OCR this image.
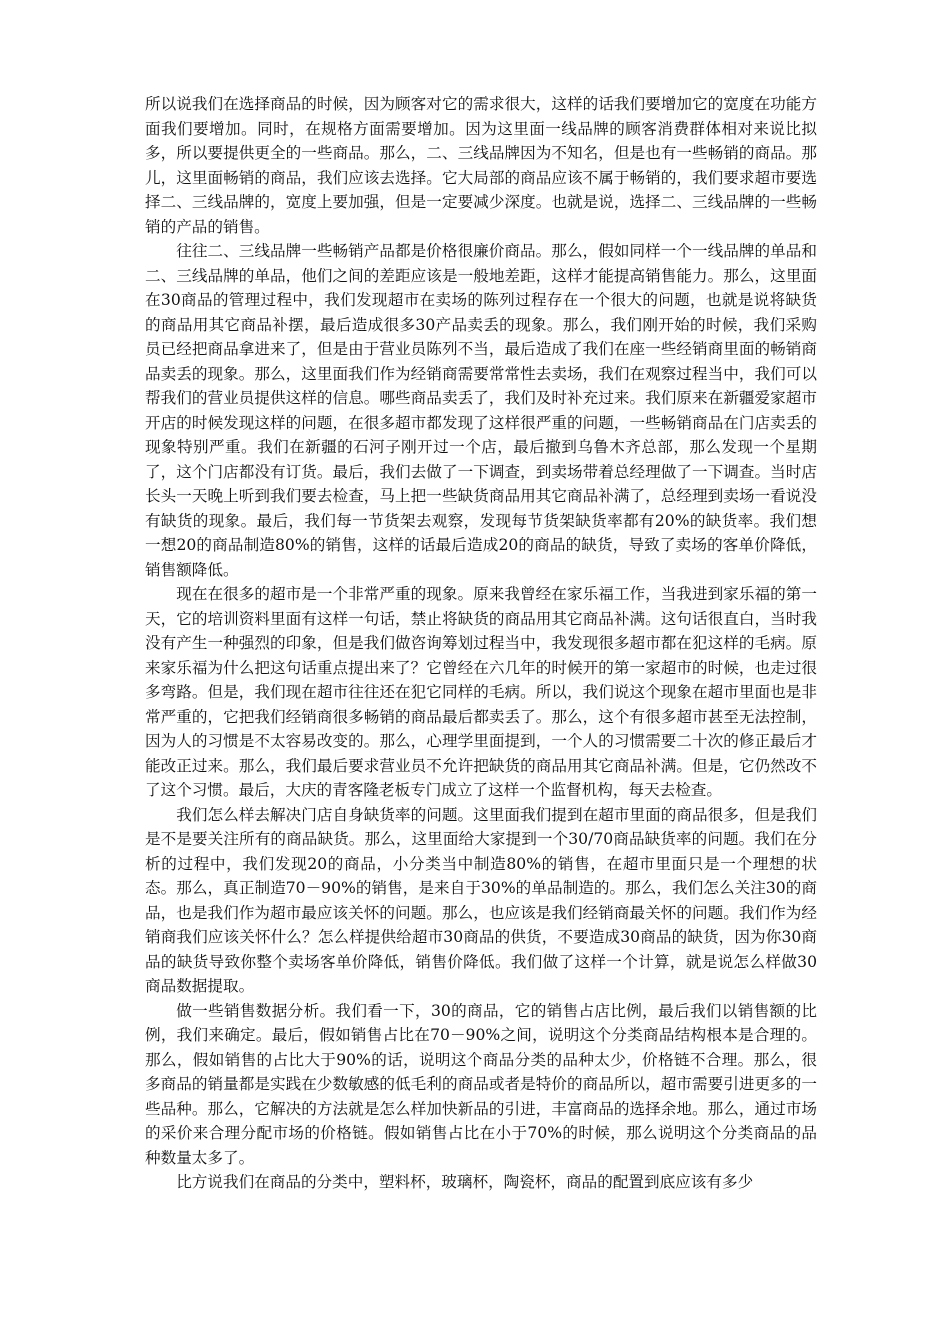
所以说我们在选择商品的时候，因为顾客对它的需求很大，这样的话我们要增加它的宽度在功能方面我们要增加。同时，在规格方面需要增加。因为这里面一线品牌的顾客消费群体相对来说比拟多，所以要提供更全的一些商品。那么，二、三线品牌因为不知名，但是也有一些畅销的商品。那儿，这里面畅销的商品，我们应该去选择。它大局部的商品应该不属于畅销的，我们要求超市要选择二、三线品牌的，宽度上要加强，但是一定要减少深度。也就是说，选择二、三线品牌的一些畅销的产品的销售。

往往二、三线品牌一些畅销产品都是价格很廉价商品。那么，假如同样一个一线品牌的单品和二、三线品牌的单品，他们之间的差距应该是一般地差距，这样才能提高销售能力。那么，这里面在30商品的管理过程中，我们发现超市在卖场的陈列过程存在一个很大的问题，也就是说将缺货的商品用其它商品补摆，最后造成很多30产品卖丢的现象。那么，我们刚开始的时候，我们采购员已经把商品拿进来了，但是由于营业员陈列不当，最后造成了我们在座一些经销商里面的畅销商品卖丢的现象。那么，这里面我们作为经销商需要常常性去卖场，我们在观察过程当中，我们可以帮我们的营业员提供这样的信息。哪些商品卖丢了，我们及时补充过来。我们原来在新疆爱家超市开店的时候发现这样的问题，在很多超市都发现了这样很严重的问题，一些畅销商品在门店卖丢的现象特别严重。我们在新疆的石河子刚开过一个店，最后撤到乌鲁木齐总部，那么发现一个星期了，这个门店都没有订货。最后，我们去做了一下调查，到卖场带着总经理做了一下调查。当时店长头一天晚上听到我们要去检查，马上把一些缺货商品用其它商品补满了，总经理到卖场一看说没有缺货的现象。最后，我们每一节货架去观察，发现每节货架缺货率都有20%的缺货率。我们想一想20的商品制造80%的销售，这样的话最后造成20的商品的缺货，导致了卖场的客单价降低，销售额降低。

现在在很多的超市是一个非常严重的现象。原来我曾经在家乐福工作，当我进到家乐福的第一天，它的培训资料里面有这样一句话，禁止将缺货的商品用其它商品补满。这句话很直白，当时我没有产生一种强烈的印象，但是我们做咨询筹划过程当中，我发现很多超市都在犯这样的毛病。原来家乐福为什么把这句话重点提出来了？它曾经在六几年的时候开的第一家超市的时候，也走过很多弯路。但是，我们现在超市往往还在犯它同样的毛病。所以，我们说这个现象在超市里面也是非常严重的，它把我们经销商很多畅销的商品最后都卖丢了。那么，这个有很多超市甚至无法控制，因为人的习惯是不太容易改变的。那么，心理学里面提到，一个人的习惯需要二十次的修正最后才能改正过来。那么，我们最后要求营业员不允许把缺货的商品用其它商品补满。但是，它仍然改不了这个习惯。最后，大庆的青客隆老板专门成立了这样一个监督机构，每天去检查。

我们怎么样去解决门店自身缺货率的问题。这里面我们提到在超市里面的商品很多，但是我们是不是要关注所有的商品缺货。那么，这里面给大家提到一个30/70商品缺货率的问题。我们在分析的过程中，我们发现20的商品，小分类当中制造80%的销售，在超市里面只是一个理想的状态。那么，真正制造70－90%的销售，是来自于30%的单品制造的。那么，我们怎么关注30的商品，也是我们作为超市最应该关怀的问题。那么，也应该是我们经销商最关怀的问题。我们作为经销商我们应该关怀什么？怎么样提供给超市30商品的供货，不要造成30商品的缺货，因为你30商品的缺货导致你整个卖场客单价降低，销售价降低。我们做了这样一个计算，就是说怎么样做30商品数据提取。

做一些销售数据分析。我们看一下，30的商品，它的销售占店比例，最后我们以销售额的比例，我们来确定。最后，假如销售占比在70－90%之间，说明这个分类商品结构根本是合理的。那么，假如销售的占比大于90%的话，说明这个商品分类的品种太少，价格链不合理。那么，很多商品的销量都是实践在少数敏感的低毛利的商品或者是特价的商品所以，超市需要引进更多的一些品种。那么，它解决的方法就是怎么样加快新品的引进，丰富商品的选择余地。那么，通过市场的采价来合理分配市场的价格链。假如销售占比在小于70%的时候，那么说明这个分类商品的品种数量太多了。

比方说我们在商品的分类中，塑料杯，玻璃杯，陶瓷杯，商品的配置到底应该有多少
